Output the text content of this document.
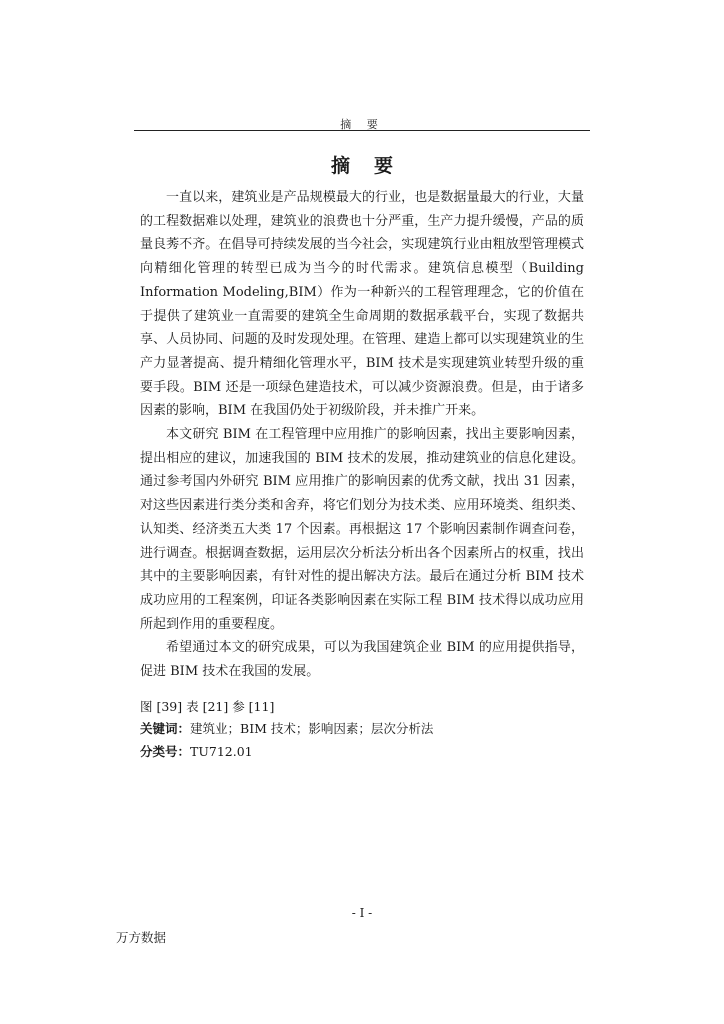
摘 要
摘要

一直以来，建筑业是产品规模最大的行业，也是数据量最大的行业，大量的工程数据难以处理，建筑业的浪费也十分严重，生产力提升缓慢，产品的质量良莠不齐。在倡导可持续发展的当今社会，实现建筑行业由粗放型管理模式向精细化管理的转型已成为当今的时代需求。建筑信息模型（Building Information Modeling,BIM）作为一种新兴的工程管理理念，它的价值在于提供了建筑业一直需要的建筑全生命周期的数据承载平台，实现了数据共享、人员协同、问题的及时发现处理。在管理、建造上都可以实现建筑业的生产力显著提高、提升精细化管理水平，BIM 技术是实现建筑业转型升级的重要手段。BIM 还是一项绿色建造技术，可以减少资源浪费。但是，由于诸多因素的影响，BIM 在我国仍处于初级阶段，并未推广开来。

本文研究 BIM 在工程管理中应用推广的影响因素，找出主要影响因素，提出相应的建议，加速我国的 BIM 技术的发展，推动建筑业的信息化建设。通过参考国内外研究 BIM 应用推广的影响因素的优秀文献，找出 31 因素，对这些因素进行类分类和舍弃，将它们划分为技术类、应用环境类、组织类、认知类、经济类五大类 17 个因素。再根据这 17 个影响因素制作调查问卷，进行调查。根据调查数据，运用层次分析法分析出各个因素所占的权重，找出其中的主要影响因素，有针对性的提出解决方法。最后在通过分析 BIM 技术成功应用的工程案例，印证各类影响因素在实际工程 BIM 技术得以成功应用所起到作用的重要程度。

希望通过本文的研究成果，可以为我国建筑企业 BIM 的应用提供指导，促进 BIM 技术在我国的发展。

图 [39] 表 [21] 参 [11]
关键词：建筑业；BIM 技术；影响因素；层次分析法
分类号：TU712.01
- I -
万方数据
